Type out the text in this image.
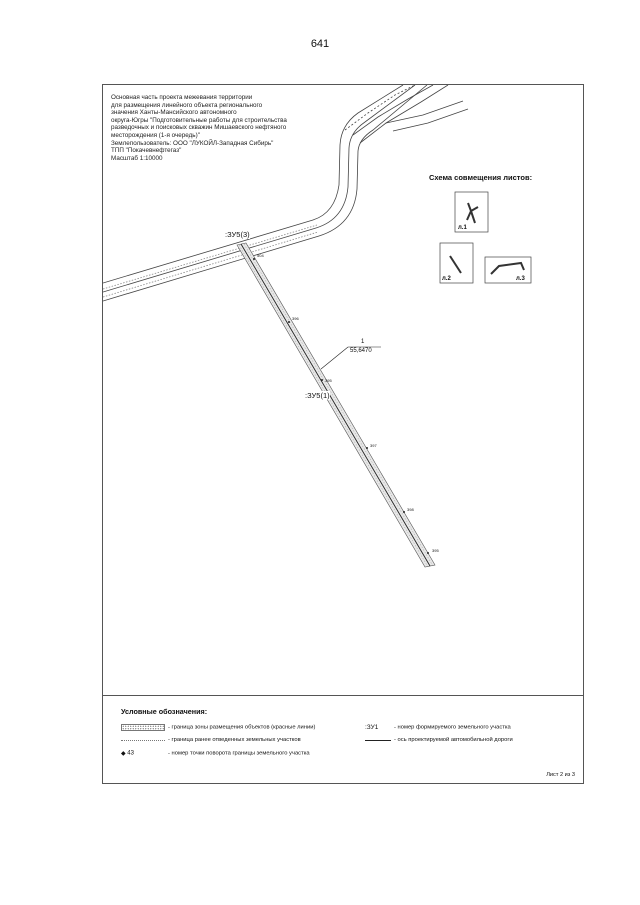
641
Основная часть проекта межевания территории
для размещения линейного объекта регионального
значения Ханты-Мансийского автономного
округа-Югры "Подготовительные работы для строительства
разведочных и поисковых скважин Мишаевского нефтяного
месторождения (1-я очередь)"
Землепользователь: ООО "ЛУКОЙЛ-Западная Сибирь"
ТПП "Покачевнефтегаз"
Масштаб 1:10000
Схема совмещения листов:
л.1
л.2	л.3
:ЗУ5(3)
:ЗУ5(1)
1
55,6470
504
396
395
397
398
395
Условные обозначения:
- граница зоны размещения объектов (красные линии)
- граница ранее отведенных земельных участков
◆ 43	- номер точки поворота границы земельного участка
:ЗУ1	- номер формируемого земельного участка
- ось проектируемой автомобильной дороги
Лист 2 из 3
